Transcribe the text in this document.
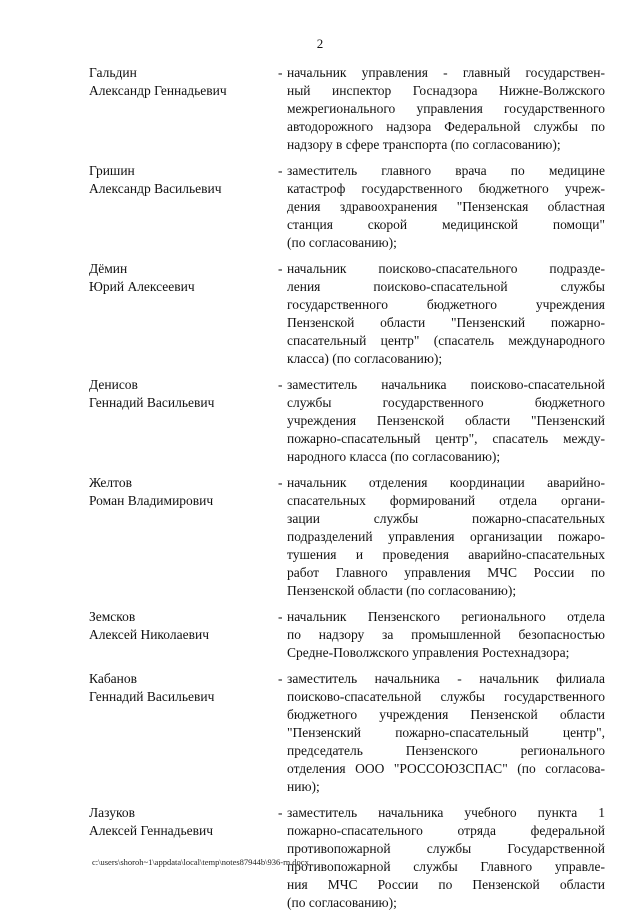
2
Гальдин
Александр Геннадьевич
- начальник управления - главный государствен-
ный инспектор Госнадзора Нижне-Волжского
межрегионального управления государственного
автодорожного надзора Федеральной службы по
надзору в сфере транспорта (по согласованию);
Гришин
Александр Васильевич
- заместитель главного врача по медицине
катастроф государственного бюджетного учреж-
дения здравоохранения "Пензенская областная
станция скорой медицинской помощи"
(по согласованию);
Дёмин
Юрий Алексеевич
- начальник поисково-спасательного подразде-
ления поисково-спасательной службы
государственного бюджетного учреждения
Пензенской области "Пензенский пожарно-
спасательный центр" (спасатель международного
класса) (по согласованию);
Денисов
Геннадий Васильевич
- заместитель начальника поисково-спасательной
службы государственного бюджетного
учреждения Пензенской области "Пензенский
пожарно-спасательный центр", спасатель между-
народного класса (по согласованию);
Желтов
Роман Владимирович
- начальник отделения координации аварийно-
спасательных формирований отдела органи-
зации службы пожарно-спасательных
подразделений управления организации пожаро-
тушения и проведения аварийно-спасательных
работ Главного управления МЧС России по
Пензенской области (по согласованию);
Земсков
Алексей Николаевич
- начальник Пензенского регионального отдела
по надзору за промышленной безопасностью
Средне-Поволжского управления Ростехнадзора;
Кабанов
Геннадий Васильевич
- заместитель начальника - начальник филиала
поисково-спасательной службы государственного
бюджетного учреждения Пензенской области
"Пензенский пожарно-спасательный центр",
председатель Пензенского регионального
отделения ООО "РОССОЮЗСПАС" (по согласова-
нию);
Лазуков
Алексей Геннадьевич
- заместитель начальника учебного пункта 1
пожарно-спасательного отряда федеральной
противопожарной службы Государственной
противопожарной службы Главного управле-
ния МЧС России по Пензенской области
(по согласованию);
c:\users\shoroh~1\appdata\local\temp\notes87944b\936-rn.docx
